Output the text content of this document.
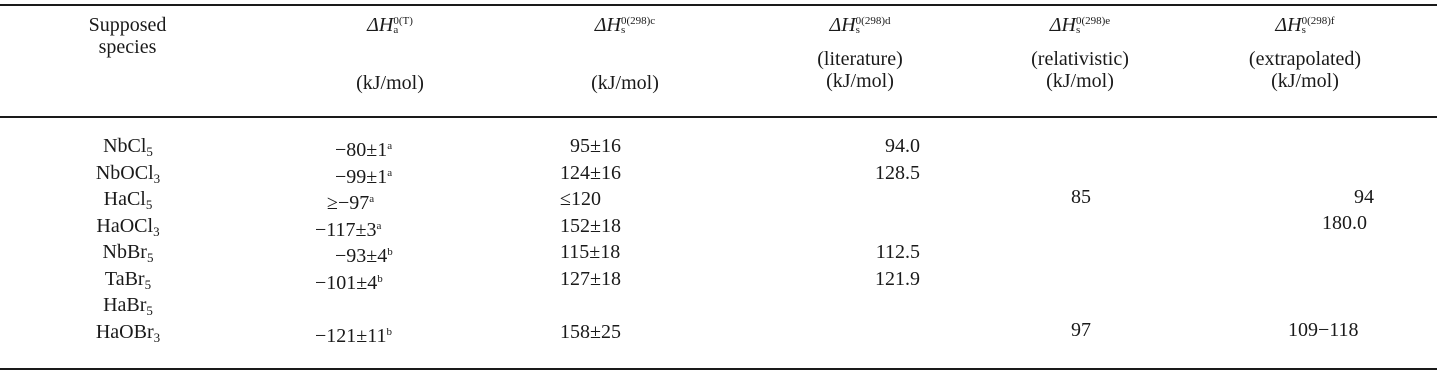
Supposed
species
ΔH 0(T)
a
(kJ/mol)
ΔH 0(298)c
s
(kJ/mol)
ΔH 0(298)d
s
(literature)
(kJ/mol)
ΔH 0(298)e
s
(relativistic)
(kJ/mol)
ΔH 0(298)f
s
(extrapolated)
(kJ/mol)
NbCl$_5$
NbOCl$_3$
HaCl$_5$
HaOCl$_3$
NbBr$_5$
TaBr$_5$
HaBr$_5$
HaOBr$_3$
$-80\pm 1^a$
$-99\pm 1^a$
$\ge-97^a$
$-117\pm 3^a$
$-93\pm 4^b$
$-101\pm 4^b$
$-121\pm 11^b$
95±16
124±16
≤120
152±18
115±18
127±18
158±25
94.0
128.5
112.5
121.9
85
97
94
180.0
109−118
